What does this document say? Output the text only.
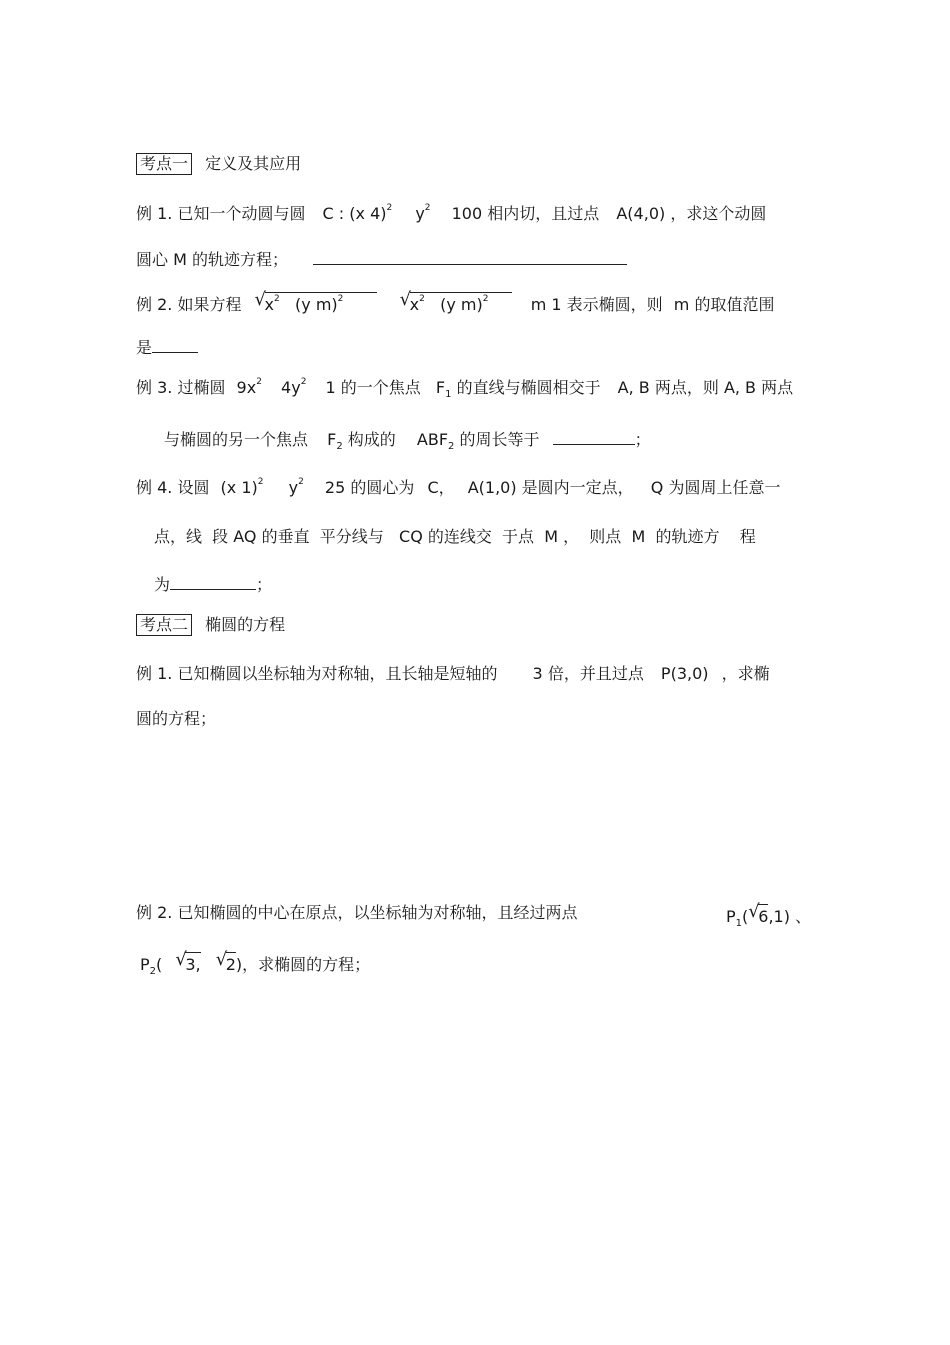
考点一 定义及其应用
例 1. 已知一个动圆与圆 C : (x 4)$^2$ $y^2$ 100 相内切，且过点 A(4,0) ，求这个动圆
圆心 M 的轨迹方程；
例 2. 如果方程 √
$x^2$ (y m)$^2$	√
$x^2$ (y m)$^2$	m 1 表示椭圆，则 m 的取值范围
是
例 3. 过椭圆 $9x^2$ $4y^2$ 1 的一个焦点 $F_1$ 的直线与椭圆相交于 A, B 两点，则 A, B 两点
与椭圆的另一个焦点 $F_2$ 构成的 $ABF_2$ 的周长等于	；
例 4. 设圆 (x 1)$^2$ $y^2$ 25 的圆心为 C， A(1,0) 是圆内一定点， Q 为圆周上任意一
点，线  段 AQ 的垂直  平分线与   CQ 的连线交  于点  M ，  则点  M  的轨迹方    程
为	；
考点二 椭圆的方程
例 1. 已知椭圆以坐标轴为对称轴，且长轴是短轴的 3 倍，并且过点 P(3,0) ，求椭
圆的方程；
例 2. 已知椭圆的中心在原点，以坐标轴为对称轴，且经过两点	$P_1$( √
6,1) 、
$P_2$( √
3, √
2)，求椭圆的方程；
